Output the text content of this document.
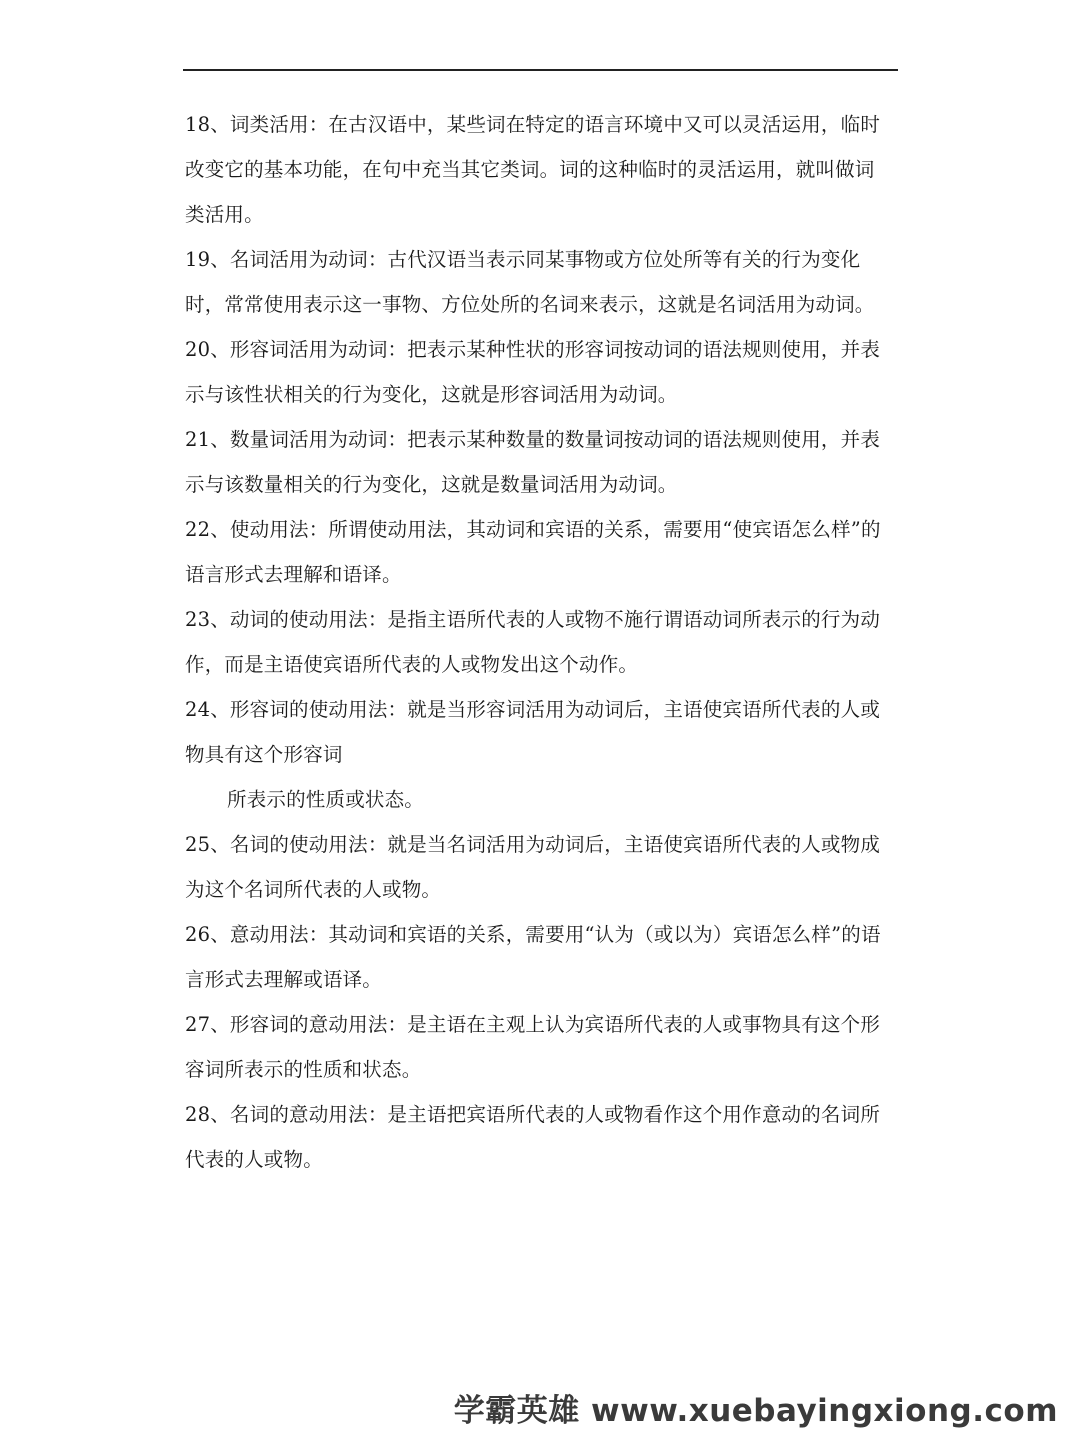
18、词类活用：在古汉语中，某些词在特定的语言环境中又可以灵活运用，临时改变它的基本功能，在句中充当其它类词。词的这种临时的灵活运用，就叫做词类活用。

19、名词活用为动词：古代汉语当表示同某事物或方位处所等有关的行为变化时，常常使用表示这一事物、方位处所的名词来表示，这就是名词活用为动词。

20、形容词活用为动词：把表示某种性状的形容词按动词的语法规则使用，并表示与该性状相关的行为变化，这就是形容词活用为动词。

21、数量词活用为动词：把表示某种数量的数量词按动词的语法规则使用，并表示与该数量相关的行为变化，这就是数量词活用为动词。

22、使动用法：所谓使动用法，其动词和宾语的关系，需要用“使宾语怎么样”的语言形式去理解和语译。

23、动词的使动用法：是指主语所代表的人或物不施行谓语动词所表示的行为动作，而是主语使宾语所代表的人或物发出这个动作。

24、形容词的使动用法：就是当形容词活用为动词后，主语使宾语所代表的人或物具有这个形容词

所表示的性质或状态。

25、名词的使动用法：就是当名词活用为动词后，主语使宾语所代表的人或物成为这个名词所代表的人或物。

26、意动用法：其动词和宾语的关系，需要用“认为（或以为）宾语怎么样”的语言形式去理解或语译。

27、形容词的意动用法：是主语在主观上认为宾语所代表的人或事物具有这个形容词所表示的性质和状态。

28、名词的意动用法：是主语把宾语所代表的人或物看作这个用作意动的名词所代表的人或物。

学霸英雄 www.xuebayingxiong.com
